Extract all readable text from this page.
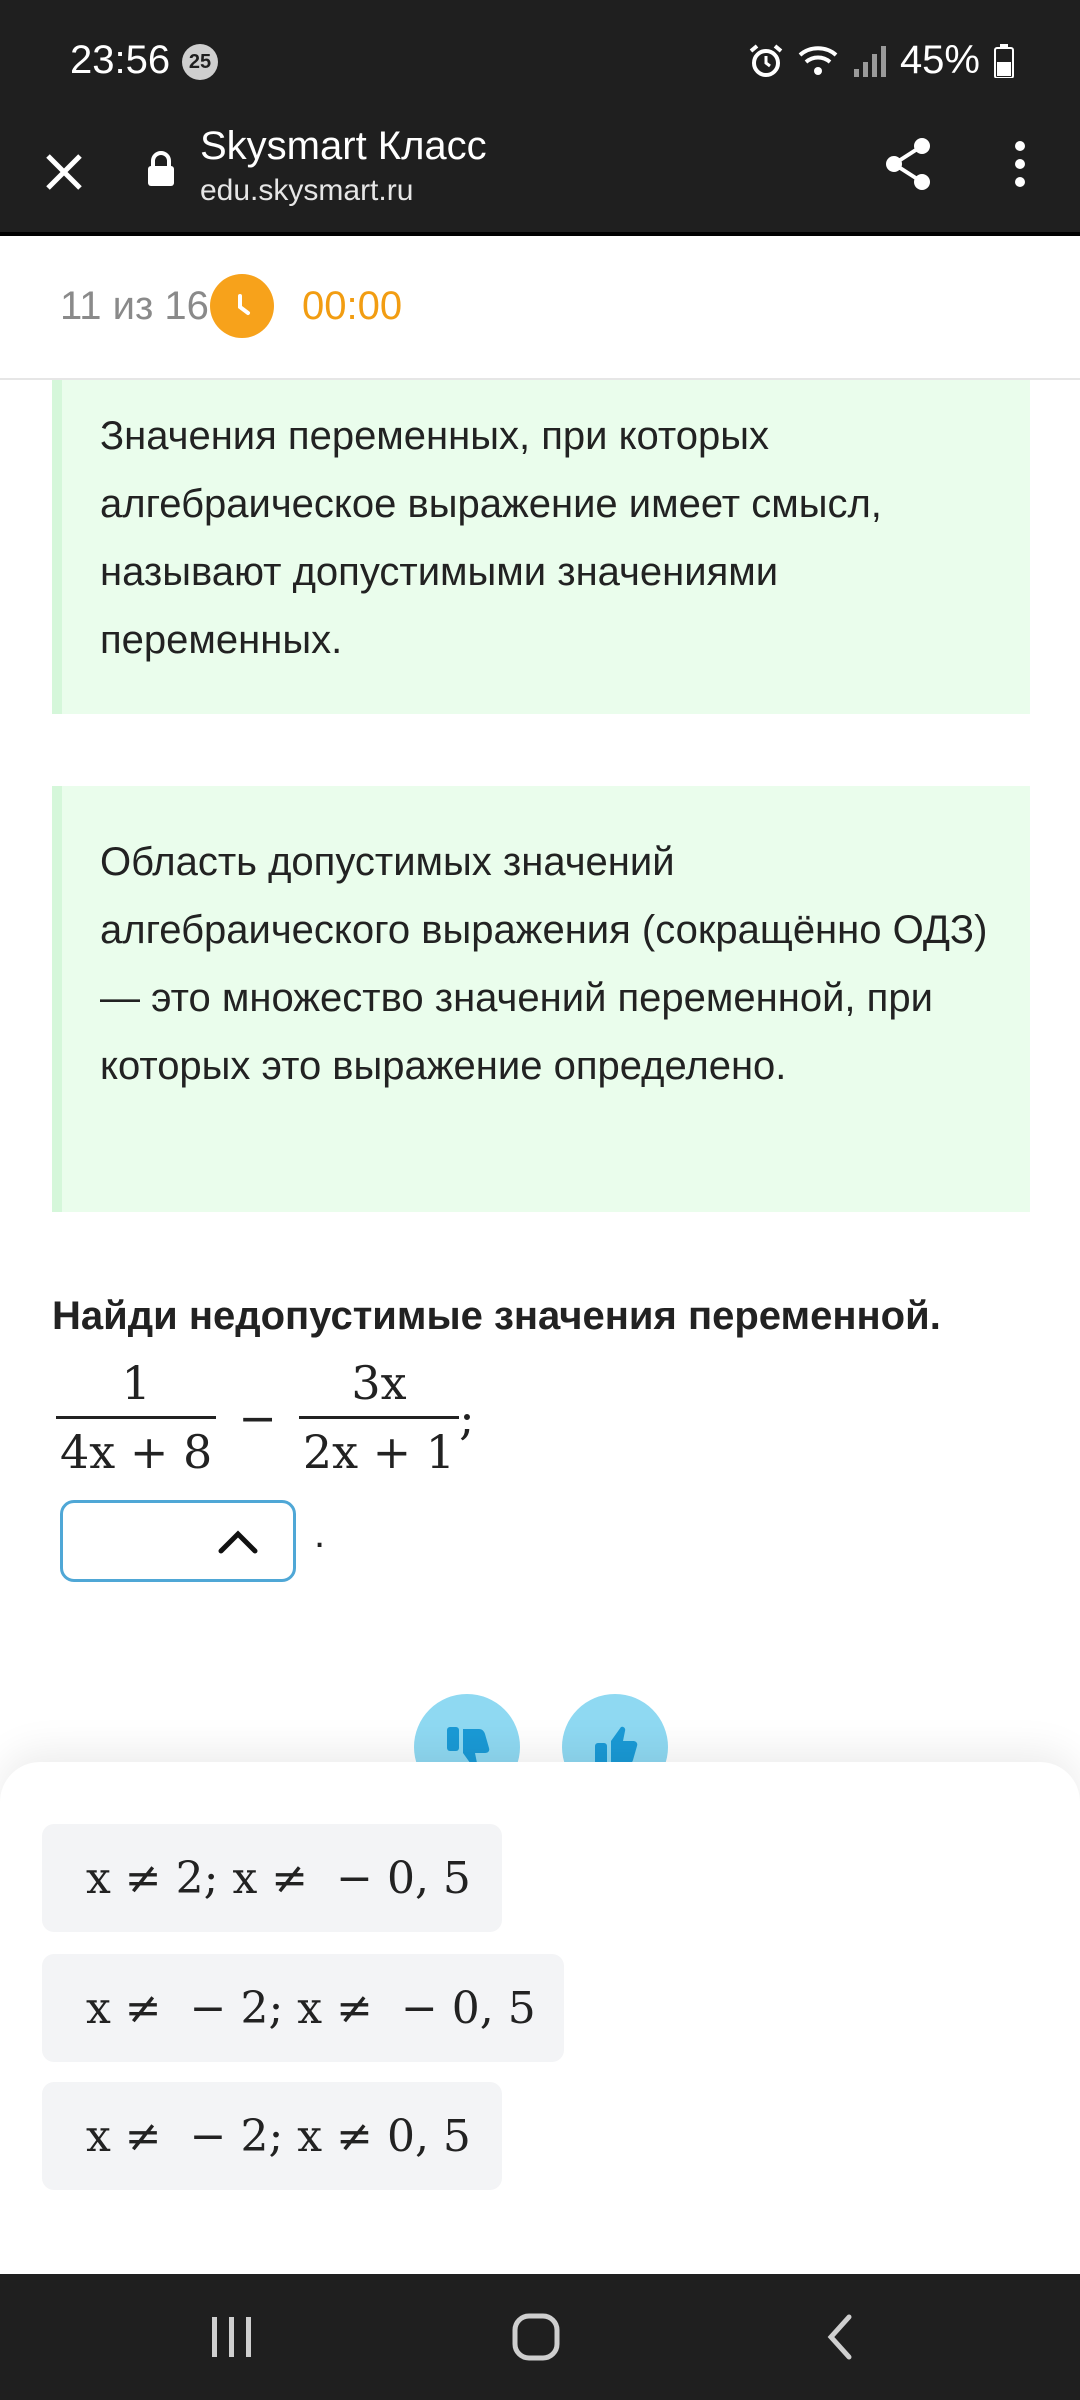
23:56 25	45%
Skysmart Класс
edu.skysmart.ru
11 из 16 00:00
Значения переменных, при которых алгебраическое выражение имеет смысл, называют допустимыми значениями переменных.
Область допустимых значений алгебраического выражения (сокращённо ОДЗ) — это множество значений переменной, при которых это выражение определено.
Найди недопустимые значения переменной.
$\frac{1}{4x + 8} - \frac{3x}{2x + 1}$ ;
.
x ≠ 2; x ≠  − 0, 5
x ≠  − 2; x ≠  − 0, 5
x ≠  − 2; x ≠ 0, 5
